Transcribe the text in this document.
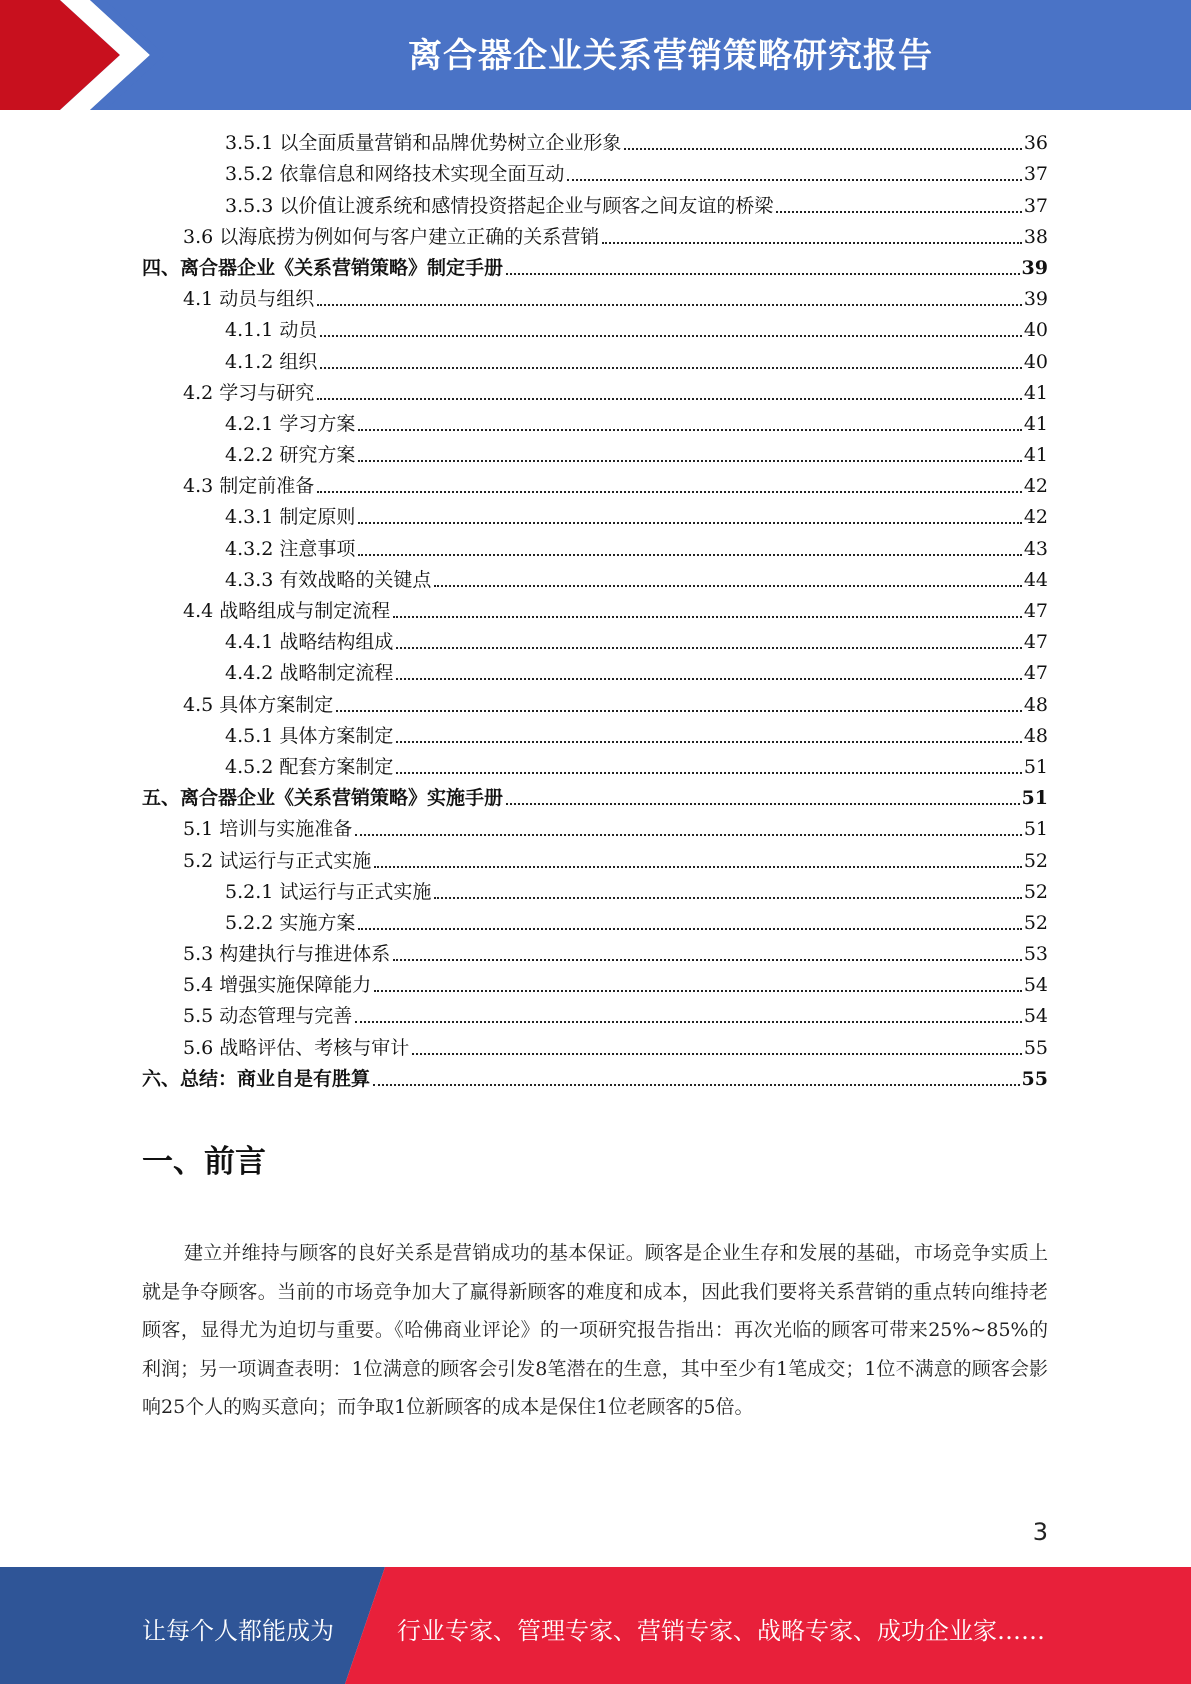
离合器企业关系营销策略研究报告
3.5.1 以全面质量营销和品牌优势树立企业形象	36
3.5.2 依靠信息和网络技术实现全面互动	37
3.5.3 以价值让渡系统和感情投资搭起企业与顾客之间友谊的桥梁	37
3.6 以海底捞为例如何与客户建立正确的关系营销	38
四、离合器企业《关系营销策略》制定手册	39
4.1 动员与组织	39
4.1.1 动员	40
4.1.2 组织	40
4.2 学习与研究	41
4.2.1 学习方案	41
4.2.2 研究方案	41
4.3 制定前准备	42
4.3.1 制定原则	42
4.3.2 注意事项	43
4.3.3 有效战略的关键点	44
4.4 战略组成与制定流程	47
4.4.1 战略结构组成	47
4.4.2 战略制定流程	47
4.5 具体方案制定	48
4.5.1 具体方案制定	48
4.5.2 配套方案制定	51
五、离合器企业《关系营销策略》实施手册	51
5.1 培训与实施准备	51
5.2 试运行与正式实施	52
5.2.1 试运行与正式实施	52
5.2.2 实施方案	52
5.3 构建执行与推进体系	53
5.4 增强实施保障能力	54
5.5 动态管理与完善	54
5.6 战略评估、考核与审计	55
六、总结：商业自是有胜算	55
一、前言

建立并维持与顾客的良好关系是营销成功的基本保证。顾客是企业生存和发展的基础，市场竞争实质上就是争夺顾客。当前的市场竞争加大了赢得新顾客的难度和成本，因此我们要将关系营销的重点转向维持老顾客，显得尤为迫切与重要。《哈佛商业评论》的一项研究报告指出：再次光临的顾客可带来25%~85%的利润；另一项调查表明：1位满意的顾客会引发8笔潜在的生意，其中至少有1笔成交；1位不满意的顾客会影响25个人的购买意向；而争取1位新顾客的成本是保住1位老顾客的5倍。

3
让每个人都能成为	行业专家、管理专家、营销专家、战略专家、成功企业家……
